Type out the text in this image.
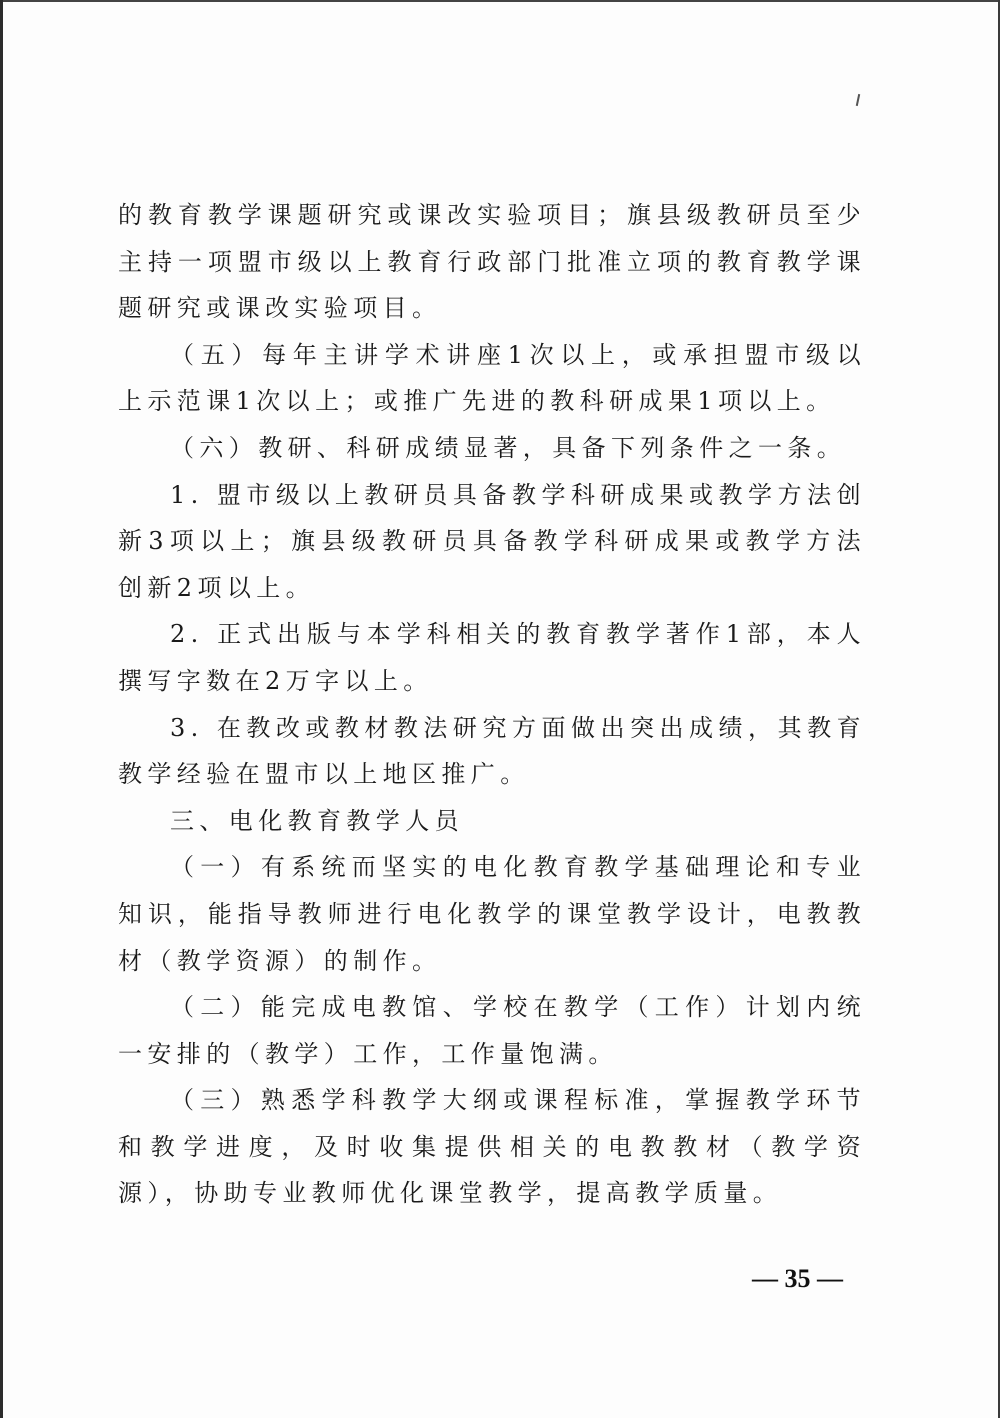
的教育教学课题研究或课改实验项目；旗县级教研员至少主持一项盟市级以上教育行政部门批准立项的教育教学课题研究或课改实验项目。

（五）每年主讲学术讲座1次以上，或承担盟市级以上示范课1次以上；或推广先进的教科研成果1项以上。

（六）教研、科研成绩显著，具备下列条件之一条。

1. 盟市级以上教研员具备教学科研成果或教学方法创新3项以上；旗县级教研员具备教学科研成果或教学方法创新2项以上。

2. 正式出版与本学科相关的教育教学著作1部，本人撰写字数在2万字以上。

3. 在教改或教材教法研究方面做出突出成绩，其教育教学经验在盟市以上地区推广。

三、电化教育教学人员

（一）有系统而坚实的电化教育教学基础理论和专业知识，能指导教师进行电化教学的课堂教学设计，电教教材（教学资源）的制作。

（二）能完成电教馆、学校在教学（工作）计划内统一安排的（教学）工作，工作量饱满。

（三）熟悉学科教学大纲或课程标准，掌握教学环节和教学进度，及时收集提供相关的电教教材（教学资源），协助专业教师优化课堂教学，提高教学质量。

— 35 —
